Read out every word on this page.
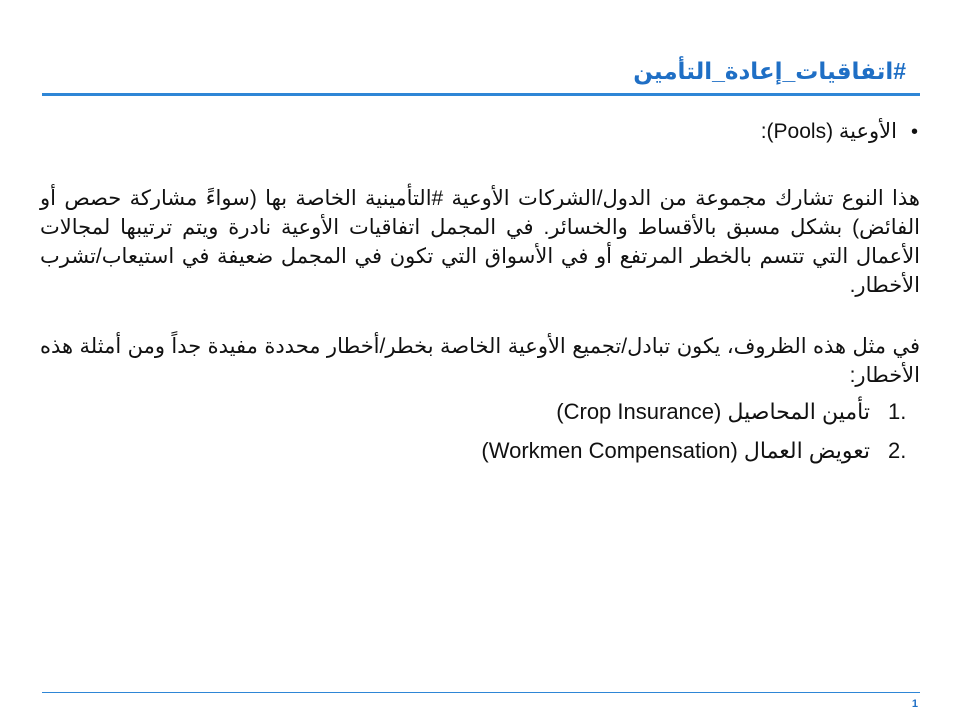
#اتفاقيات_إعادة_التأمين
•
الأوعية (Pools):

هذا النوع تشارك مجموعة من الدول/الشركات الأوعية #التأمينية الخاصة بها (سواءً مشاركة حصص أو الفائض) بشكل مسبق بالأقساط والخسائر. في المجمل اتفاقيات الأوعية نادرة ويتم ترتيبها لمجالات الأعمال التي تتسم بالخطر المرتفع أو في الأسواق التي تكون في المجمل ضعيفة في استيعاب/تشرب الأخطار.

في مثل هذه الظروف، يكون تبادل/تجميع الأوعية الخاصة بخطر/أخطار محددة مفيدة جداً ومن أمثلة هذه الأخطار:

1.
تأمين المحاصيل (Crop Insurance)
2.
تعويض العمال (Workmen Compensation)
1
